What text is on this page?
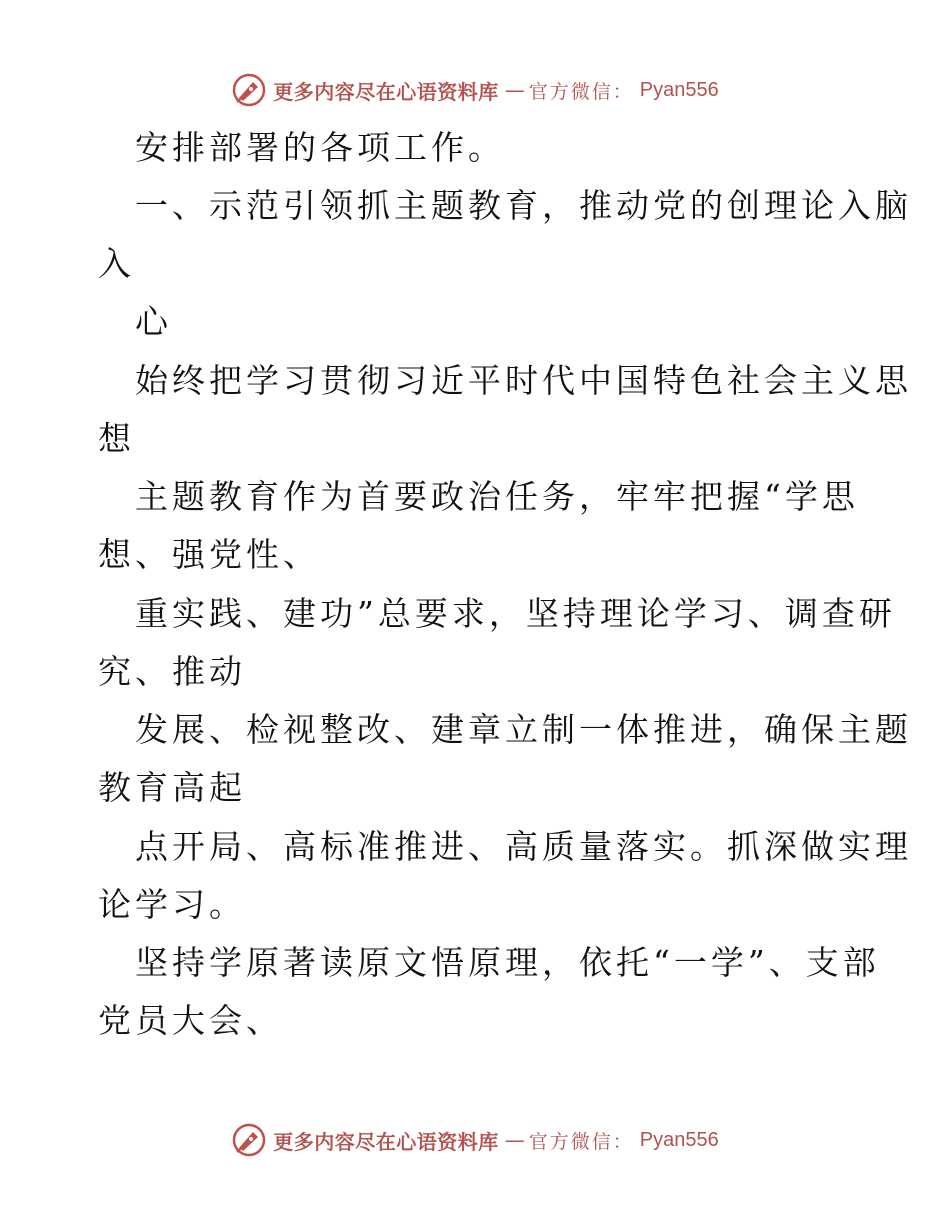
更多内容尽在心语资料库 — 官方微信： Pyan556

安排部署的各项工作。

一、示范引领抓主题教育，推动党的创理论入脑

入

心

始终把学习贯彻习近平时代中国特色社会主义思

想

主题教育作为首要政治任务，牢牢把握“学思

想、强党性、

重实践、建功”总要求，坚持理论学习、调查研

究、推动

发展、检视整改、建章立制一体推进，确保主题

教育高起

点开局、高标准推进、高质量落实。抓深做实理

论学习。

坚持学原著读原文悟原理，依托“一学”、支部

党员大会、

更多内容尽在心语资料库 — 官方微信： Pyan556
